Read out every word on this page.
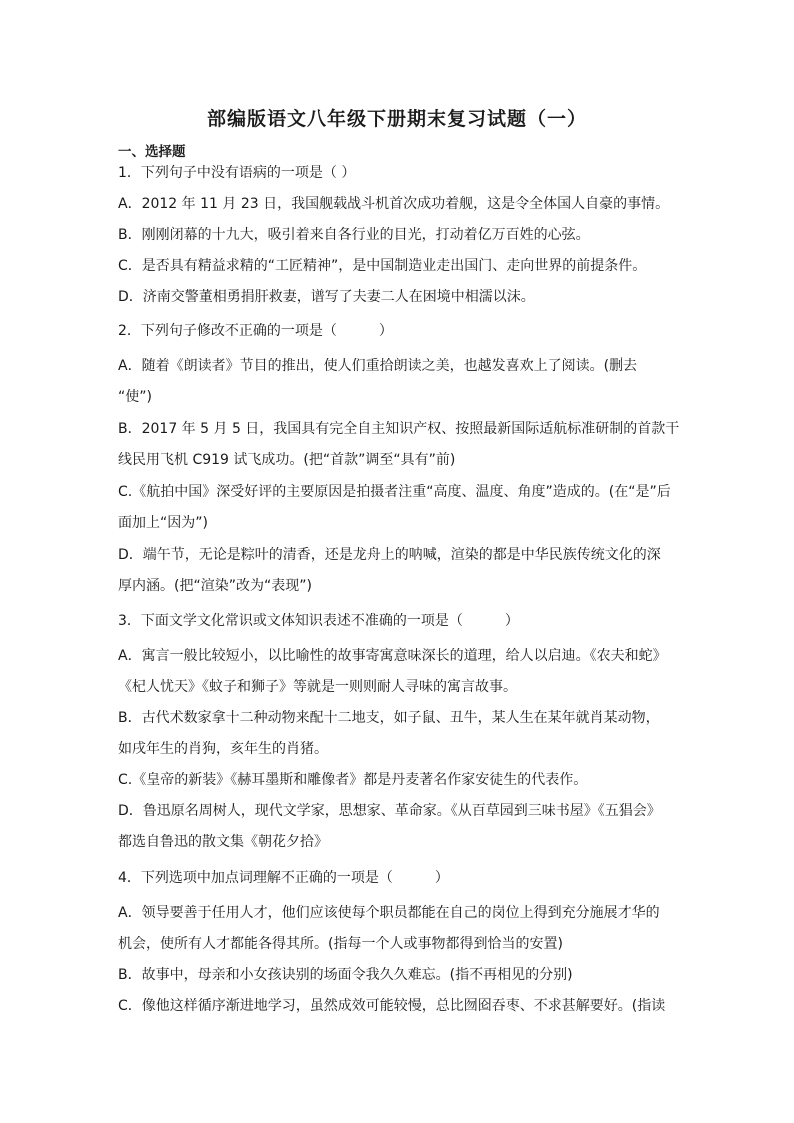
部编版语文八年级下册期末复习试题（一）
一、选择题
1．下列句子中没有语病的一项是（ ）
A．2012 年 11 月 23 日，我国舰载战斗机首次成功着舰，这是令全体国人自豪的事情。
B．刚刚闭幕的十九大，吸引着来自各行业的目光，打动着亿万百姓的心弦。
C．是否具有精益求精的“工匠精神”，是中国制造业走出国门、走向世界的前提条件。
D．济南交警董相勇捐肝救妻，谱写了夫妻二人在困境中相濡以沫。
2．下列句子修改不正确的一项是（　　　）
A．随着《朗读者》节目的推出，使人们重拾朗读之美，也越发喜欢上了阅读。(删去
“使”)
B．2017 年 5 月 5 日，我国具有完全自主知识产权、按照最新国际适航标准研制的首款干
线民用飞机 C919 试飞成功。(把“首款”调至“具有”前)
C.《航拍中国》深受好评的主要原因是拍摄者注重“高度、温度、角度”造成的。(在“是”后
面加上“因为”)
D．端午节，无论是粽叶的清香，还是龙舟上的呐喊，渲染的都是中华民族传统文化的深
厚内涵。(把“渲染”改为“表现”)
3．下面文学文化常识或文体知识表述不准确的一项是（　　　）
A．寓言一般比较短小，以比喻性的故事寄寓意味深长的道理，给人以启迪。《农夫和蛇》
《杞人忧天》《蚊子和狮子》等就是一则则耐人寻味的寓言故事。
B．古代术数家拿十二种动物来配十二地支，如子鼠、丑牛，某人生在某年就肖某动物，
如戌年生的肖狗，亥年生的肖猪。
C.《皇帝的新装》《赫耳墨斯和雕像者》都是丹麦著名作家安徒生的代表作。
D．鲁迅原名周树人，现代文学家，思想家、革命家。《从百草园到三味书屋》《五猖会》
都选自鲁迅的散文集《朝花夕拾》
4．下列选项中加点词理解不正确的一项是（　　　）
A．领导要善于任用人才，他们应该使每个职员都能在自己的岗位上得到充分施展才华的
机会，使所有人才都能各得其所。(指每一个人或事物都得到恰当的安置)
B．故事中，母亲和小女孩诀别的场面令我久久难忘。(指不再相见的分别)
C．像他这样循序渐进地学习，虽然成效可能较慢，总比囫囵吞枣、不求甚解要好。(指读
